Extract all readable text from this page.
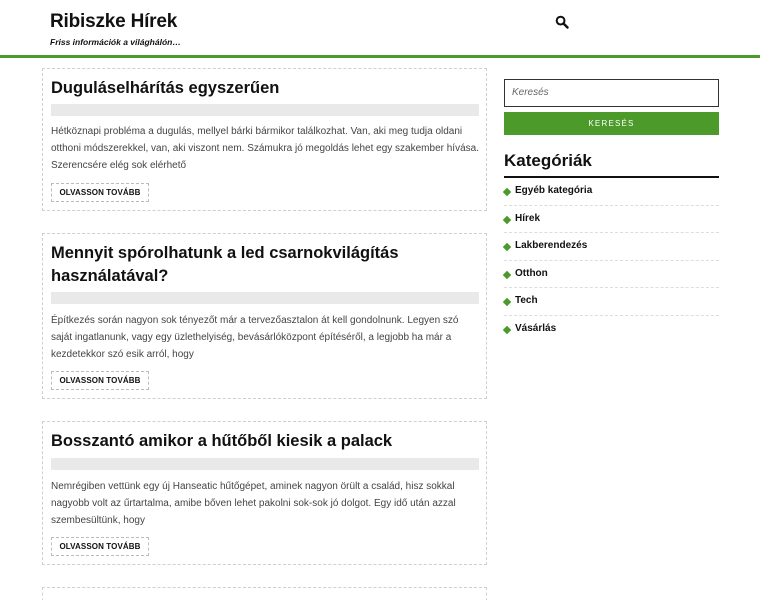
Ribiszke Hírek
Friss információk a világhálón…
Duguláselhárítás egyszerűen

Hétköznapi probléma a dugulás, mellyel bárki bármikor találkozhat. Van, aki meg tudja oldani otthoni módszerekkel, van, aki viszont nem. Számukra jó megoldás lehet egy szakember hívása. Szerencsére elég sok elérhető

OLVASSON TOVÁBB
Mennyit spórolhatunk a led csarnokvilágítás használatával?

Építkezés során nagyon sok tényezőt már a tervezőasztalon át kell gondolnunk. Legyen szó saját ingatlanunk, vagy egy üzlethelyiség, bevásárlóközpont építéséről, a legjobb ha már a kezdetekkor szó esik arról, hogy

OLVASSON TOVÁBB
Bosszantó amikor a hűtőből kiesik a palack

Nemrégiben vettünk egy új Hanseatic hűtőgépet, aminek nagyon örült a család, hisz sokkal nagyobb volt az űrtartalma, amibe bőven lehet pakolni sok-sok jó dolgot. Egy idő után azzal szembesültünk, hogy

OLVASSON TOVÁBB
Keresés
KERESÉS
Kategóriák
Egyéb kategória
Hírek
Lakberendezés
Otthon
Tech
Vásárlás
